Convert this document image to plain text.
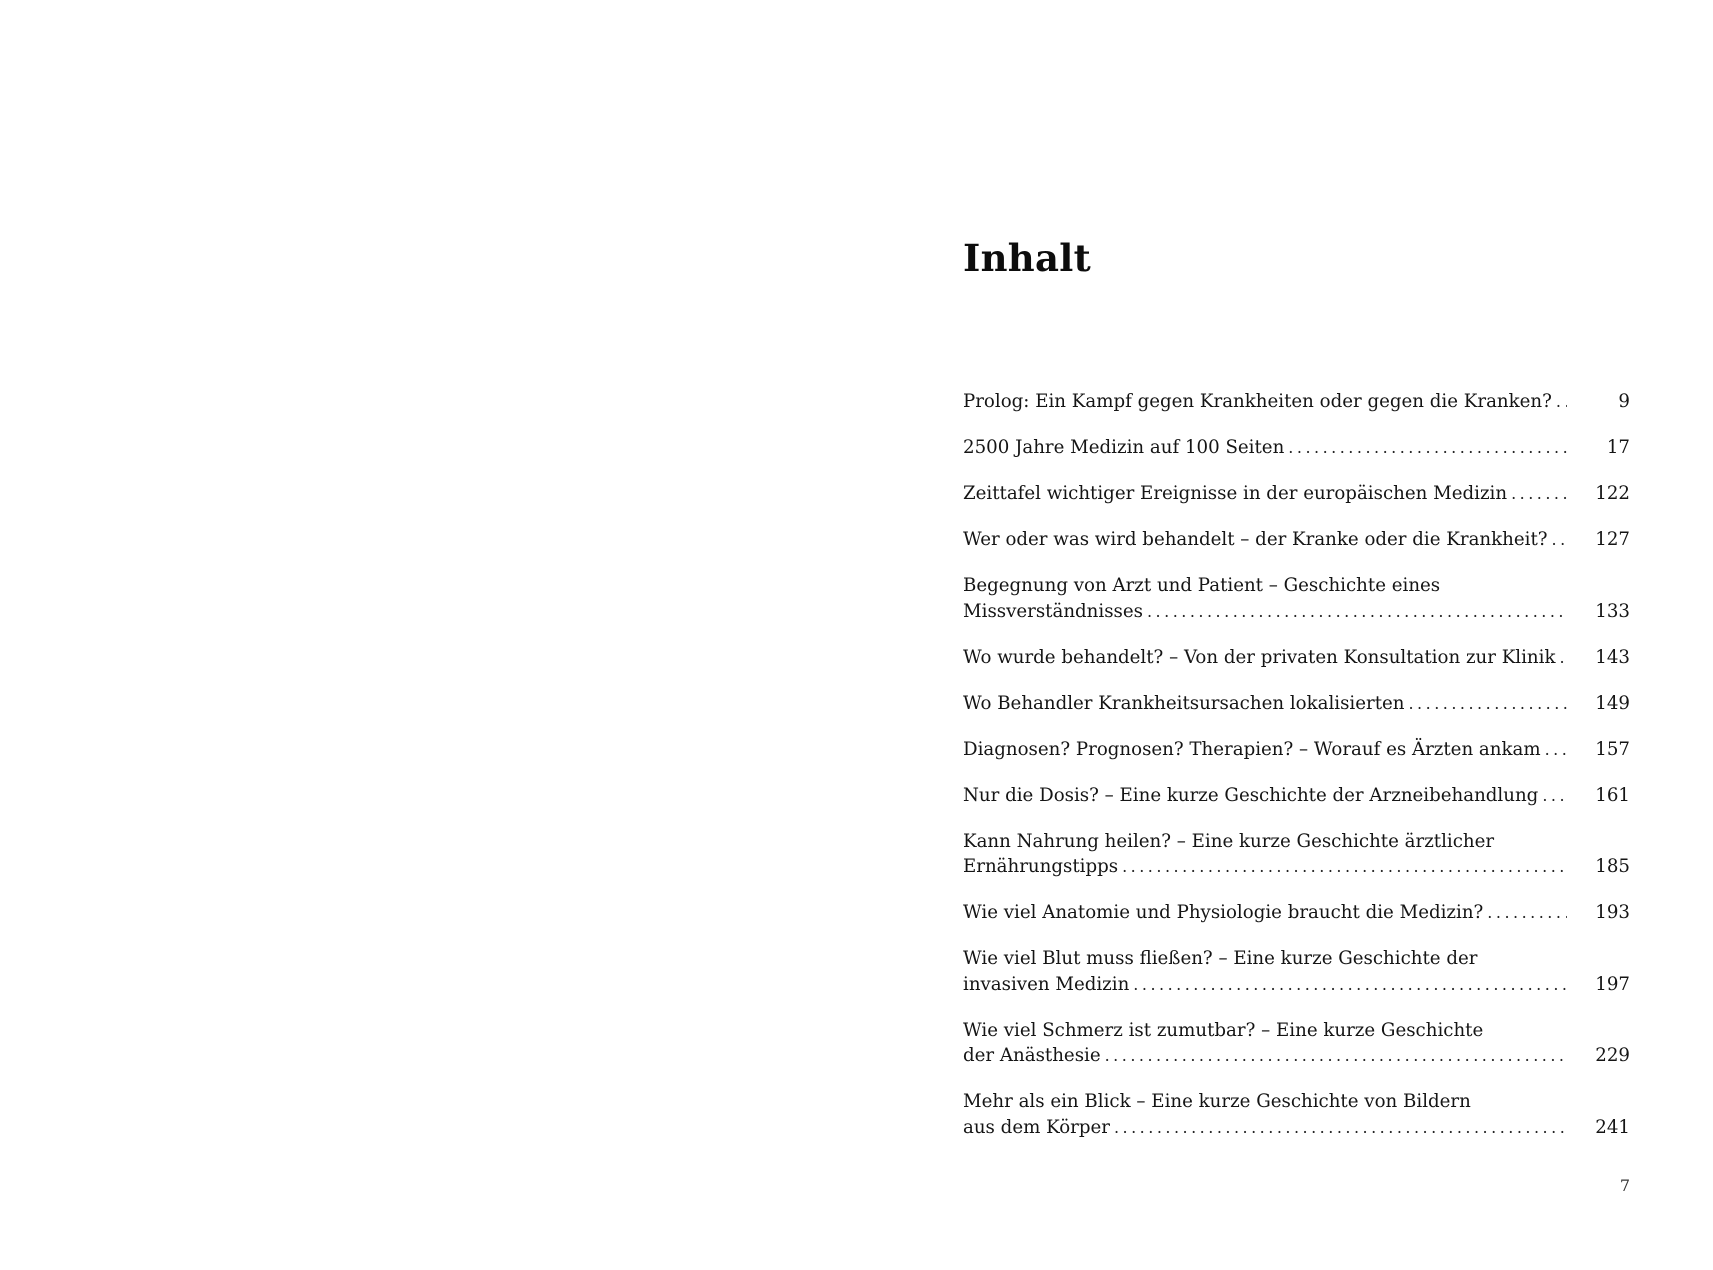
Inhalt
Prolog: Ein Kampf gegen Krankheiten oder gegen die Kranken? . . .	9
2500 Jahre Medizin auf 100 Seiten . . .	17
Zeittafel wichtiger Ereignisse in der europäischen Medizin . . .	122
Wer oder was wird behandelt – der Kranke oder die Krankheit? . . .	127
Begegnung von Arzt und Patient – Geschichte eines
Missverständnisses . . .	133
Wo wurde behandelt? – Von der privaten Konsultation zur Klinik . . .	143
Wo Behandler Krankheitsursachen lokalisierten . . .	149
Diagnosen? Prognosen? Therapien? – Worauf es Ärzten ankam . . .	157
Nur die Dosis? – Eine kurze Geschichte der Arzneibehandlung . . .	161
Kann Nahrung heilen? – Eine kurze Geschichte ärztlicher
Ernährungstipps . . .	185
Wie viel Anatomie und Physiologie braucht die Medizin? . . .	193
Wie viel Blut muss fließen? – Eine kurze Geschichte der
invasiven Medizin . . .	197
Wie viel Schmerz ist zumutbar? – Eine kurze Geschichte
der Anästhesie . . .	229
Mehr als ein Blick – Eine kurze Geschichte von Bildern
aus dem Körper . . .	241
7
